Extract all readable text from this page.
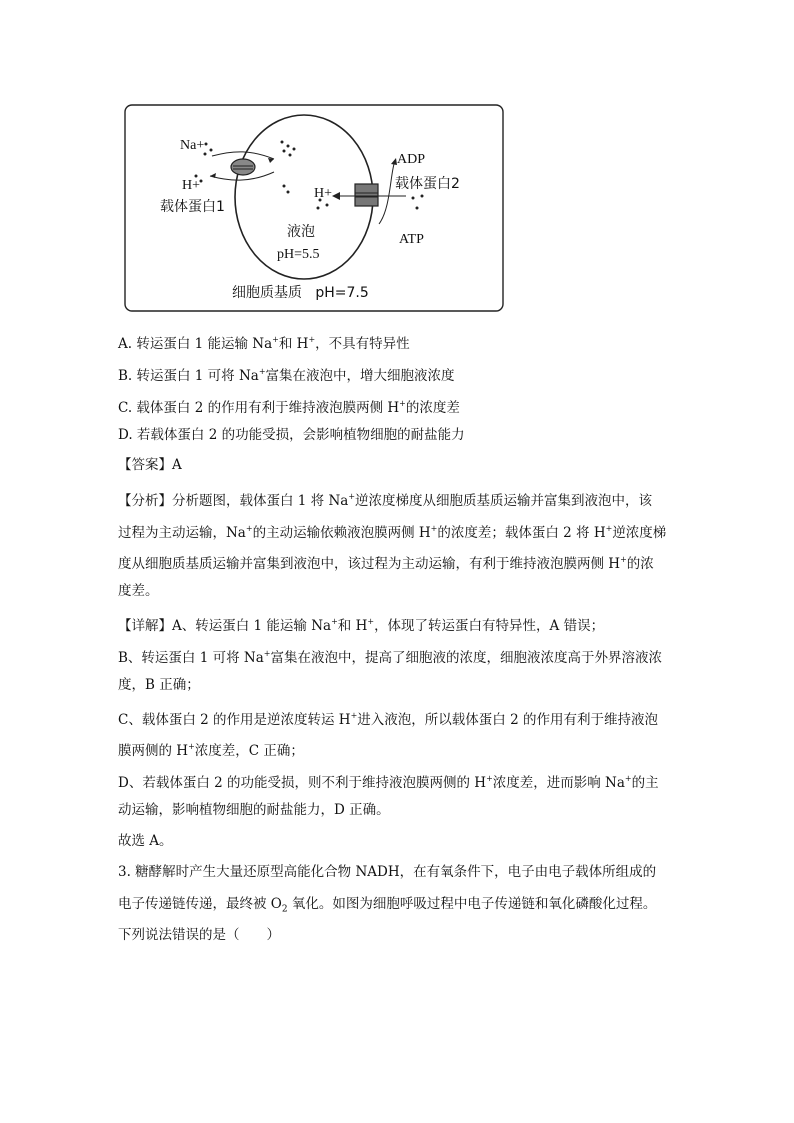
Na+
H+
载体蛋白1
ADP
载体蛋白2
H+
液泡
pH=5.5
ATP
细胞质基质   pH=7.5
A. 转运蛋白 1 能运输 Na+和 H+，不具有特异性
B. 转运蛋白 1 可将 Na+富集在液泡中，增大细胞液浓度
C. 载体蛋白 2 的作用有利于维持液泡膜两侧 H+的浓度差
D. 若载体蛋白 2 的功能受损，会影响植物细胞的耐盐能力
【答案】A
【分析】分析题图，载体蛋白 1 将 Na+逆浓度梯度从细胞质基质运输并富集到液泡中，该
过程为主动运输，Na+的主动运输依赖液泡膜两侧 H+的浓度差；载体蛋白 2 将 H+逆浓度梯
度从细胞质基质运输并富集到液泡中，该过程为主动运输，有利于维持液泡膜两侧 H+的浓
度差。
【详解】A、转运蛋白 1 能运输 Na+和 H+，体现了转运蛋白有特异性，A 错误；
B、转运蛋白 1 可将 Na+富集在液泡中，提高了细胞液的浓度，细胞液浓度高于外界溶液浓
度，B 正确；
C、载体蛋白 2 的作用是逆浓度转运 H+进入液泡，所以载体蛋白 2 的作用有利于维持液泡
膜两侧的 H+浓度差，C 正确；
D、若载体蛋白 2 的功能受损，则不利于维持液泡膜两侧的 H+浓度差，进而影响 Na+的主
动运输，影响植物细胞的耐盐能力，D 正确。
故选 A。
3. 糖酵解时产生大量还原型高能化合物 NADH，在有氧条件下，电子由电子载体所组成的
电子传递链传递，最终被 $O_2$ 氧化。如图为细胞呼吸过程中电子传递链和氧化磷酸化过程。
下列说法错误的是（　　）
